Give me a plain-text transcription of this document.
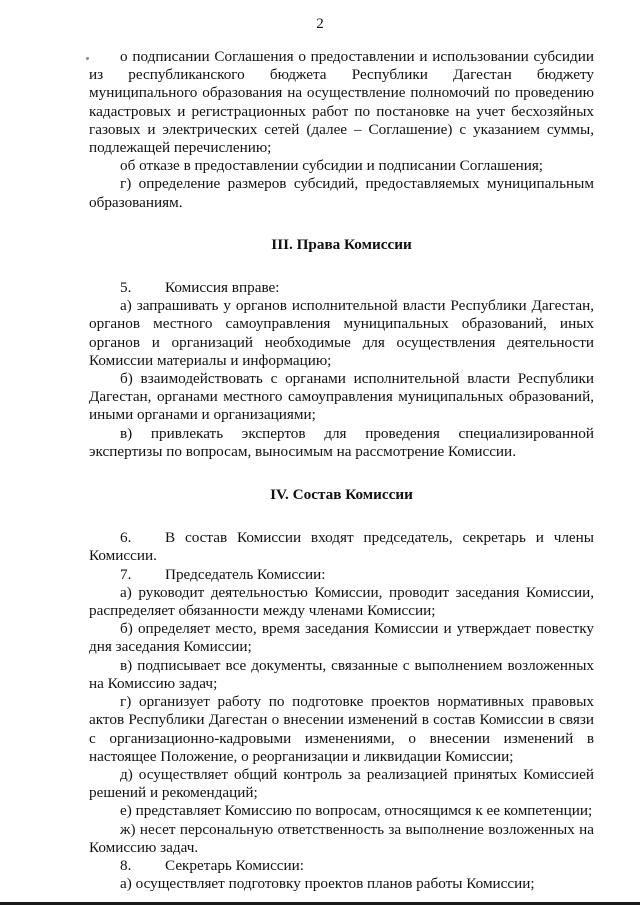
2

о подписании Соглашения о предоставлении и использовании субсидии из республиканского бюджета Республики Дагестан бюджету муниципального образования на осуществление полномочий по проведению кадастровых и регистрационных работ по постановке на учет бесхозяйных газовых и электрических сетей (далее – Соглашение) с указанием суммы, подлежащей перечислению;

об отказе в предоставлении субсидии и подписании Соглашения;

г) определение размеров субсидий, предоставляемых муниципальным образованиям.

III. Права Комиссии

5. Комиссия вправе:

а) запрашивать у органов исполнительной власти Республики Дагестан, органов местного самоуправления муниципальных образований, иных органов и организаций необходимые для осуществления деятельности Комиссии материалы и информацию;

б) взаимодействовать с органами исполнительной власти Республики Дагестан, органами местного самоуправления муниципальных образований, иными органами и организациями;

в) привлекать экспертов для проведения специализированной экспертизы по вопросам, выносимым на рассмотрение Комиссии.

IV. Состав Комиссии

6. В состав Комиссии входят председатель, секретарь и члены Комиссии.

7. Председатель Комиссии:

а) руководит деятельностью Комиссии, проводит заседания Комиссии, распределяет обязанности между членами Комиссии;

б) определяет место, время заседания Комиссии и утверждает повестку дня заседания Комиссии;

в) подписывает все документы, связанные с выполнением возложенных на Комиссию задач;

г) организует работу по подготовке проектов нормативных правовых актов Республики Дагестан о внесении изменений в состав Комиссии в связи с организационно-кадровыми изменениями, о внесении изменений в настоящее Положение, о реорганизации и ликвидации Комиссии;

д) осуществляет общий контроль за реализацией принятых Комиссией решений и рекомендаций;

е) представляет Комиссию по вопросам, относящимся к ее компетенции;

ж) несет персональную ответственность за выполнение возложенных на Комиссию задач.

8. Секретарь Комиссии:

а) осуществляет подготовку проектов планов работы Комиссии;
